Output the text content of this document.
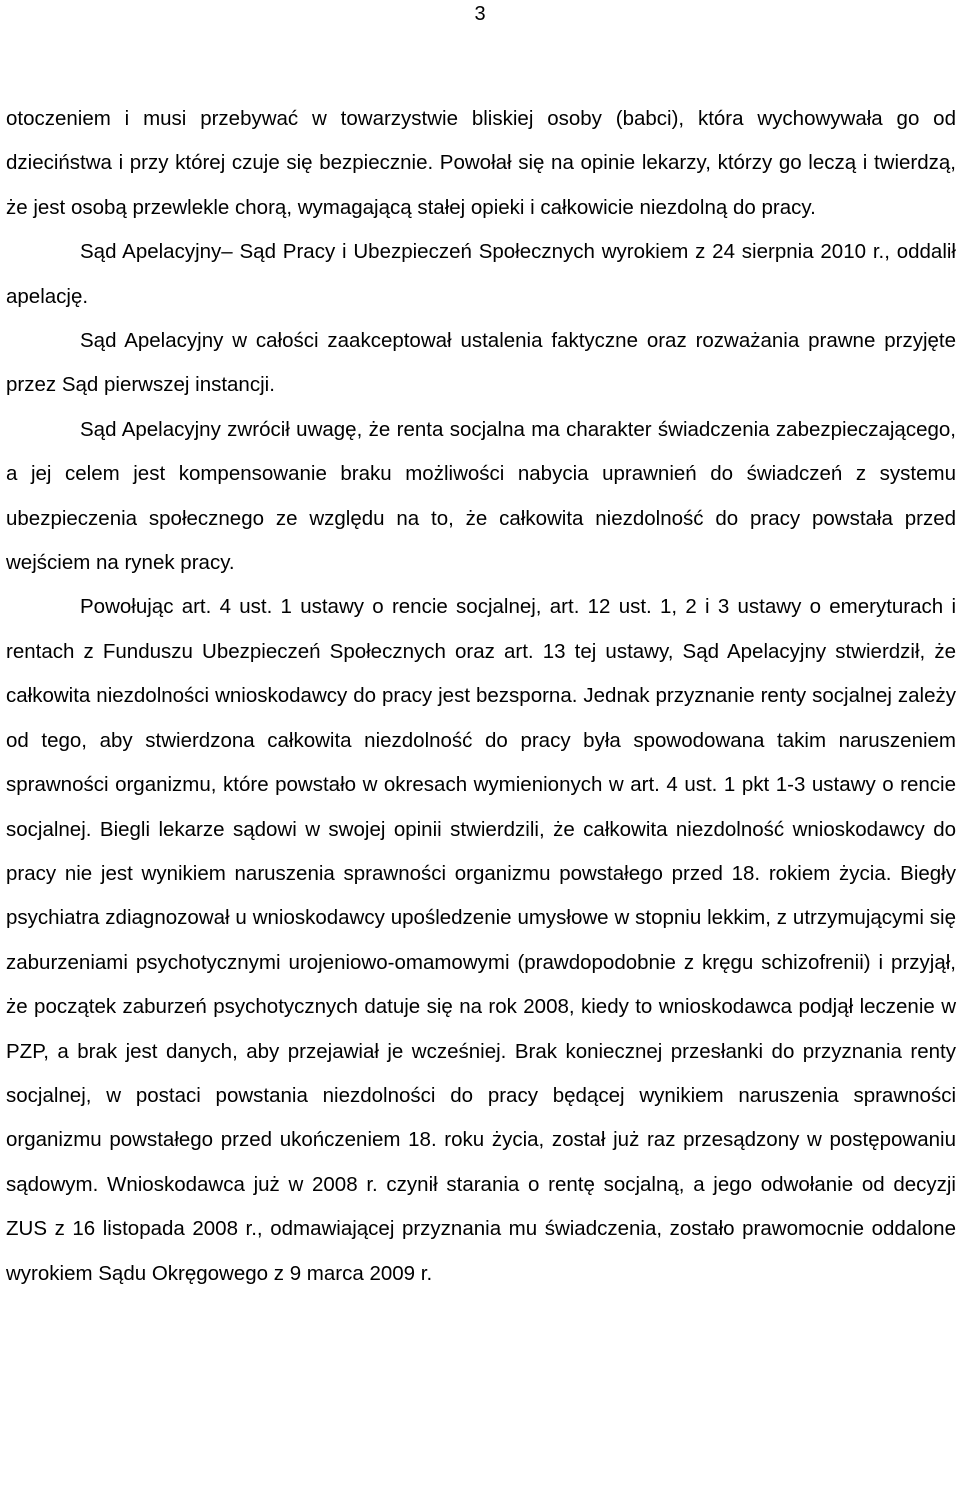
3

otoczeniem i musi przebywać w towarzystwie bliskiej osoby (babci), która wychowywała go od dzieciństwa i przy której czuje się bezpiecznie. Powołał się na opinie lekarzy, którzy go leczą i twierdzą, że jest osobą przewlekle chorą, wymagającą stałej opieki i całkowicie niezdolną do pracy.

Sąd Apelacyjny– Sąd Pracy i Ubezpieczeń Społecznych wyrokiem z 24 sierpnia 2010 r., oddalił apelację.

Sąd Apelacyjny w całości zaakceptował ustalenia faktyczne oraz rozważania prawne przyjęte przez Sąd pierwszej instancji.

Sąd Apelacyjny zwrócił uwagę, że renta socjalna ma charakter świadczenia zabezpieczającego, a jej celem jest kompensowanie braku możliwości nabycia uprawnień do świadczeń z systemu ubezpieczenia społecznego ze względu na to, że całkowita niezdolność do pracy powstała przed wejściem na rynek pracy.

Powołując art. 4 ust. 1 ustawy o rencie socjalnej, art. 12 ust. 1, 2 i 3 ustawy o emeryturach i rentach z Funduszu Ubezpieczeń Społecznych oraz art. 13 tej ustawy, Sąd Apelacyjny stwierdził, że całkowita niezdolności wnioskodawcy do pracy jest bezsporna. Jednak przyznanie renty socjalnej zależy od tego, aby stwierdzona całkowita niezdolność do pracy była spowodowana takim naruszeniem sprawności organizmu, które powstało w okresach wymienionych w art. 4 ust. 1 pkt 1-3 ustawy o rencie socjalnej. Biegli lekarze sądowi w swojej opinii stwierdzili, że całkowita niezdolność wnioskodawcy do pracy nie jest wynikiem naruszenia sprawności organizmu powstałego przed 18. rokiem życia. Biegły psychiatra zdiagnozował u wnioskodawcy upośledzenie umysłowe w stopniu lekkim, z utrzymującymi się zaburzeniami psychotycznymi urojeniowo-omamowymi (prawdopodobnie z kręgu schizofrenii) i przyjął, że początek zaburzeń psychotycznych datuje się na rok 2008, kiedy to wnioskodawca podjął leczenie w PZP, a brak jest danych, aby przejawiał je wcześniej. Brak koniecznej przesłanki do przyznania renty socjalnej, w postaci powstania niezdolności do pracy będącej wynikiem naruszenia sprawności organizmu powstałego przed ukończeniem 18. roku życia, został już raz przesądzony w postępowaniu sądowym. Wnioskodawca już w 2008 r. czynił starania o rentę socjalną, a jego odwołanie od decyzji ZUS z 16 listopada 2008 r., odmawiającej przyznania mu świadczenia, zostało prawomocnie oddalone wyrokiem Sądu Okręgowego z 9 marca 2009 r.
